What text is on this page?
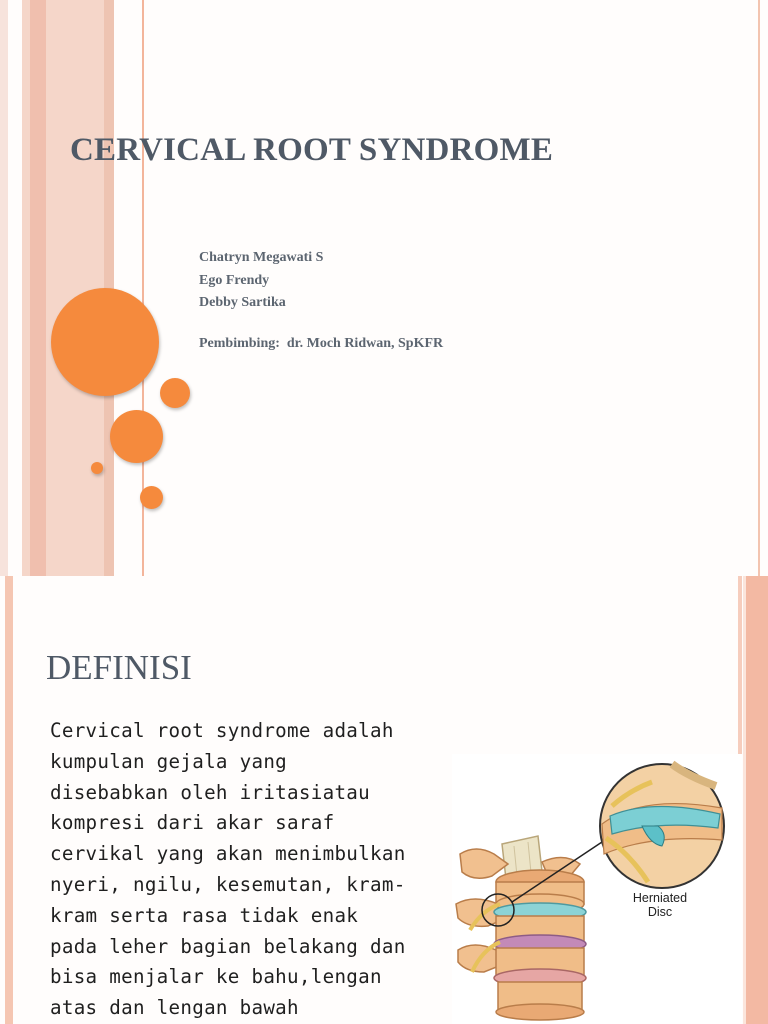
CERVICAL ROOT SYNDROME
Chatryn Megawati S
Ego Frendy
Debby Sartika
Pembimbing:  dr. Moch Ridwan, SpKFR
DEFINISI
Cervical root syndrome adalah
kumpulan gejala yang
disebabkan oleh iritasiatau
kompresi dari akar saraf
cervikal yang akan menimbulkan
nyeri, ngilu, kesemutan, kram-
kram serta rasa tidak enak
pada leher bagian belakang dan
bisa menjalar ke bahu,lengan
atas dan lengan bawah
Herniated
Disc
